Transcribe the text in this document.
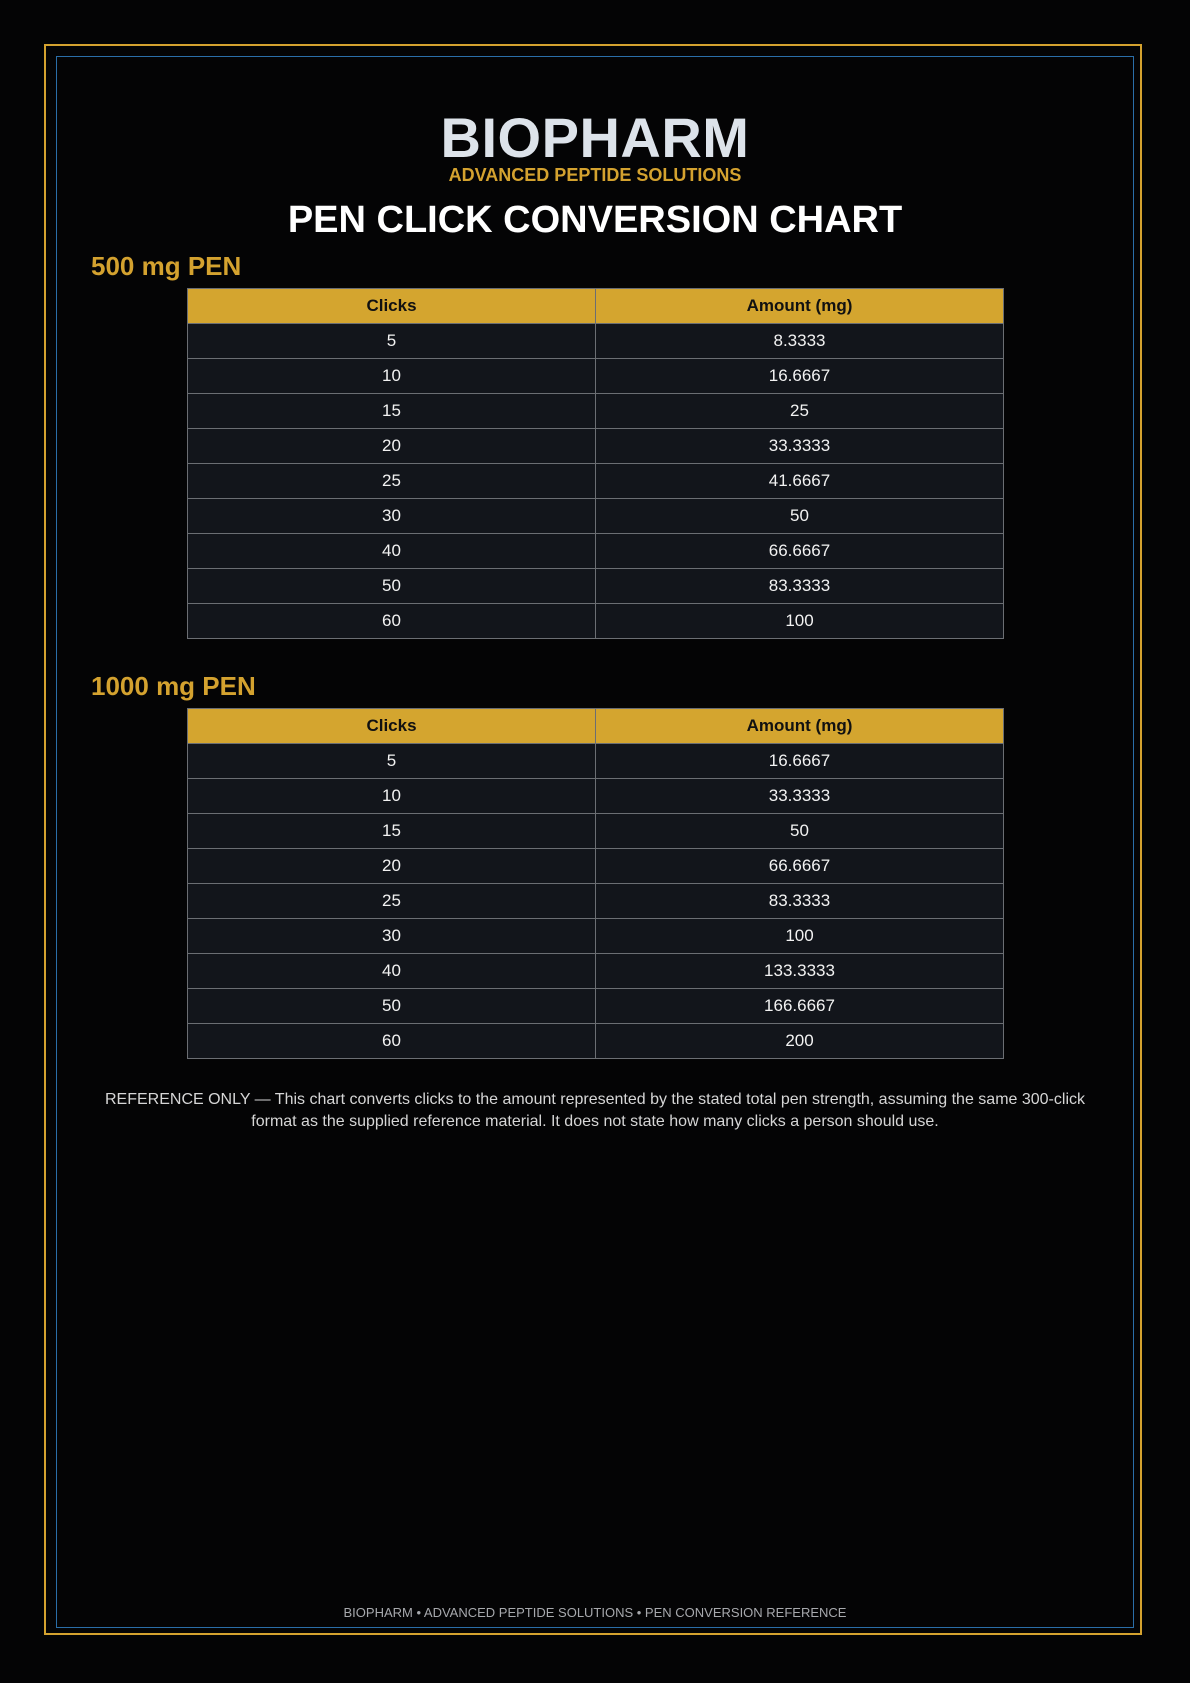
BIOPHARM
ADVANCED PEPTIDE SOLUTIONS
PEN CLICK CONVERSION CHART
500 mg PEN
Clicks	Amount (mg)
5	8.3333
10	16.6667
15	25
20	33.3333
25	41.6667
30	50
40	66.6667
50	83.3333
60	100
1000 mg PEN
Clicks	Amount (mg)
5	16.6667
10	33.3333
15	50
20	66.6667
25	83.3333
30	100
40	133.3333
50	166.6667
60	200
REFERENCE ONLY — This chart converts clicks to the amount represented by the stated total pen strength, assuming the same 300-click format as the supplied reference material. It does not state how many clicks a person should use.
BIOPHARM • ADVANCED PEPTIDE SOLUTIONS • PEN CONVERSION REFERENCE
